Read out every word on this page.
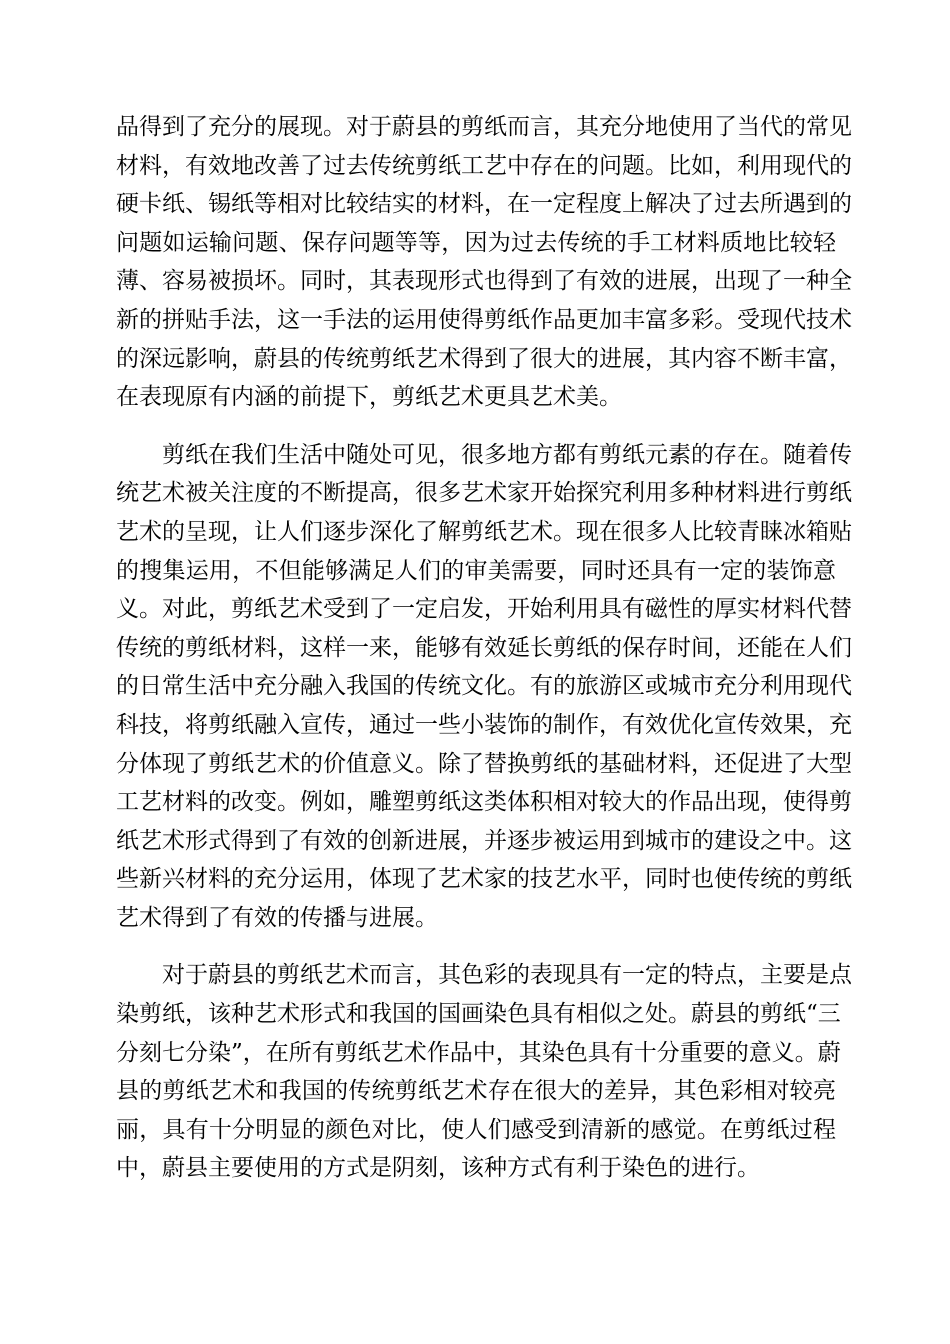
品得到了充分的展现。对于蔚县的剪纸而言，其充分地使用了当代的常见
材料，有效地改善了过去传统剪纸工艺中存在的问题。比如，利用现代的
硬卡纸、锡纸等相对比较结实的材料，在一定程度上解决了过去所遇到的
问题如运输问题、保存问题等等，因为过去传统的手工材料质地比较轻
薄、容易被损坏。同时，其表现形式也得到了有效的进展，出现了一种全
新的拼贴手法，这一手法的运用使得剪纸作品更加丰富多彩。受现代技术
的深远影响，蔚县的传统剪纸艺术得到了很大的进展，其内容不断丰富，
在表现原有内涵的前提下，剪纸艺术更具艺术美。
剪纸在我们生活中随处可见，很多地方都有剪纸元素的存在。随着传
统艺术被关注度的不断提高，很多艺术家开始探究利用多种材料进行剪纸
艺术的呈现，让人们逐步深化了解剪纸艺术。现在很多人比较青睐冰箱贴
的搜集运用，不但能够满足人们的审美需要，同时还具有一定的装饰意
义。对此，剪纸艺术受到了一定启发，开始利用具有磁性的厚实材料代替
传统的剪纸材料，这样一来，能够有效延长剪纸的保存时间，还能在人们
的日常生活中充分融入我国的传统文化。有的旅游区或城市充分利用现代
科技，将剪纸融入宣传，通过一些小装饰的制作，有效优化宣传效果，充
分体现了剪纸艺术的价值意义。除了替换剪纸的基础材料，还促进了大型
工艺材料的改变。例如，雕塑剪纸这类体积相对较大的作品出现，使得剪
纸艺术形式得到了有效的创新进展，并逐步被运用到城市的建设之中。这
些新兴材料的充分运用，体现了艺术家的技艺水平，同时也使传统的剪纸
艺术得到了有效的传播与进展。
对于蔚县的剪纸艺术而言，其色彩的表现具有一定的特点，主要是点
染剪纸，该种艺术形式和我国的国画染色具有相似之处。蔚县的剪纸“三
分刻七分染”，在所有剪纸艺术作品中，其染色具有十分重要的意义。蔚
县的剪纸艺术和我国的传统剪纸艺术存在很大的差异，其色彩相对较亮
丽，具有十分明显的颜色对比，使人们感受到清新的感觉。在剪纸过程
中，蔚县主要使用的方式是阴刻，该种方式有利于染色的进行。
